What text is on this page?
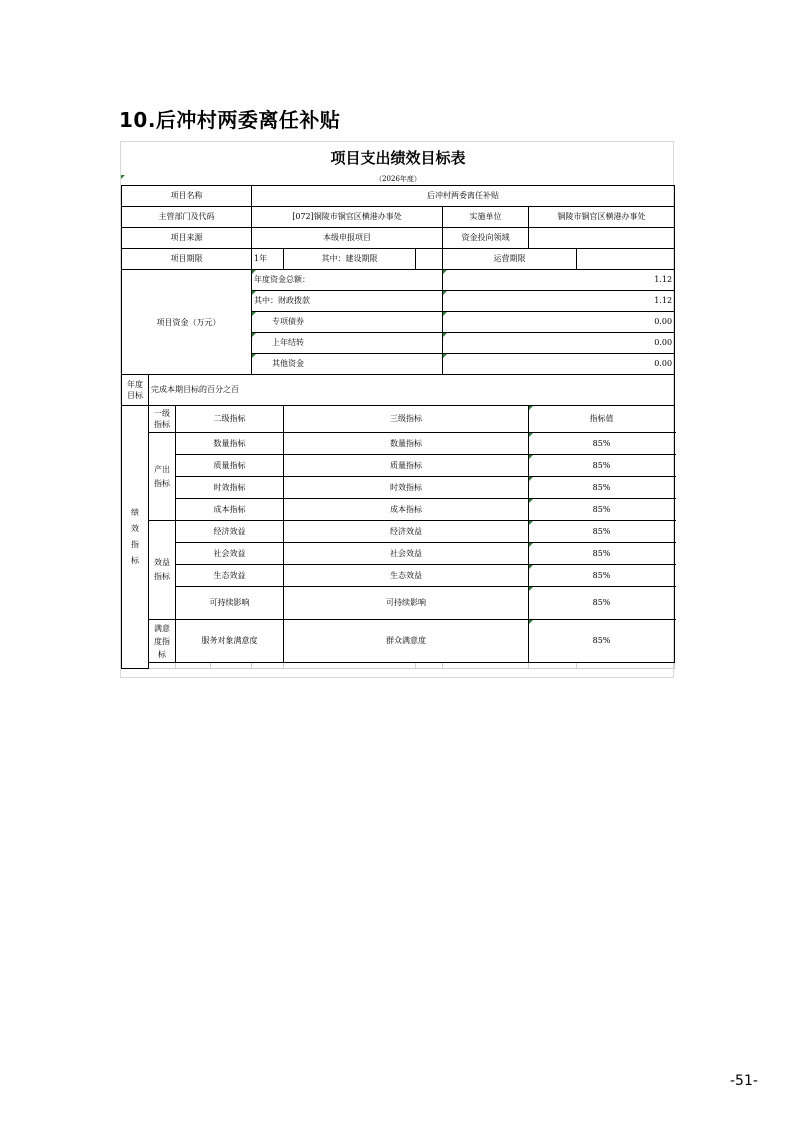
10.后冲村两委离任补贴
项目支出绩效目标表
（2026年度）
项目名称				后冲村两委离任补贴						
主管部门及代码				[072]铜陵市铜官区横港办事处			实施单位	铜陵市铜官区横港办事处		
项目来源				本级申报项目			资金投向领域			
项目期限				1年	其中：建设期限		运营期限			
项目资金（万元）				年度资金总额：			1.12			

其中：财政拨款			1.12			

专项债券			0.00			

上年结转			0.00			

其他资金			0.00			
年度目标	完成本期目标的百分之百									
绩效指标	一级指标	二级指标			三级指标			指标值		
	产出指标	数量指标			数量指标			85%		
		质量指标			质量指标			85%		
		时效指标			时效指标			85%		
		成本指标			成本指标			85%		
	效益指标	经济效益			经济效益			85%		
		社会效益			社会效益			85%		
		生态效益			生态效益			85%		
		可持续影响			可持续影响			85%		
	满意度指标	服务对象满意度			群众满意度			85%		

-51-
